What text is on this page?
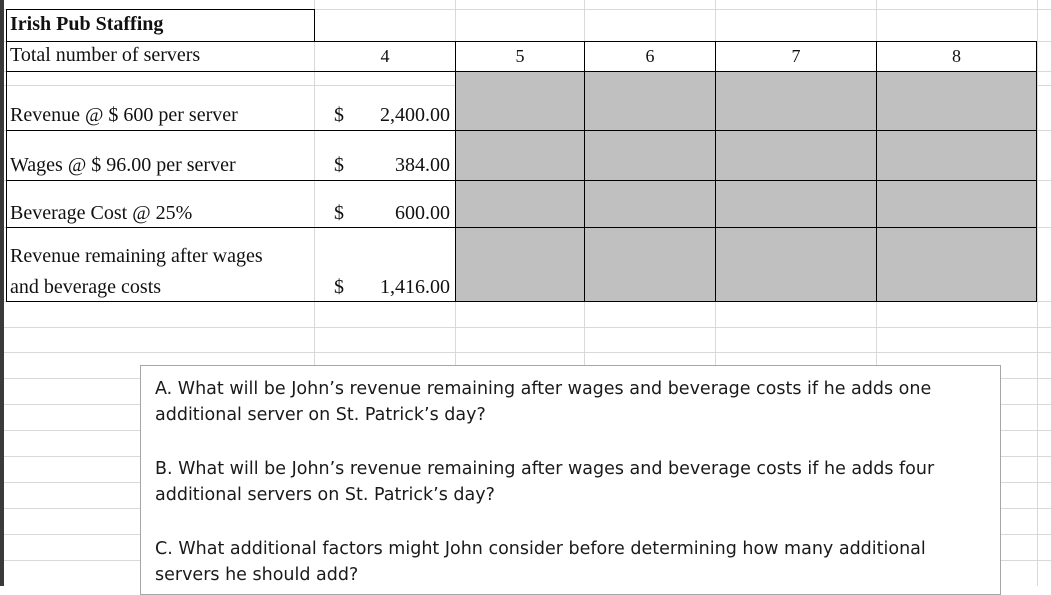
Irish Pub Staffing
Total number of servers	4	5	6	7	8
Revenue @ $ 600 per server	$	2,400.00
Wages @ $ 96.00 per server	$	384.00
Beverage Cost @ 25%	$	600.00
Revenue remaining after wages
and beverage costs	$	1,416.00

A. What will be John’s revenue remaining after wages and beverage costs if he adds one additional server on St. Patrick’s day?

B. What will be John’s revenue remaining after wages and beverage costs if he adds four additional servers on St. Patrick’s day?

C. What additional factors might John consider before determining how many additional servers he should add?
